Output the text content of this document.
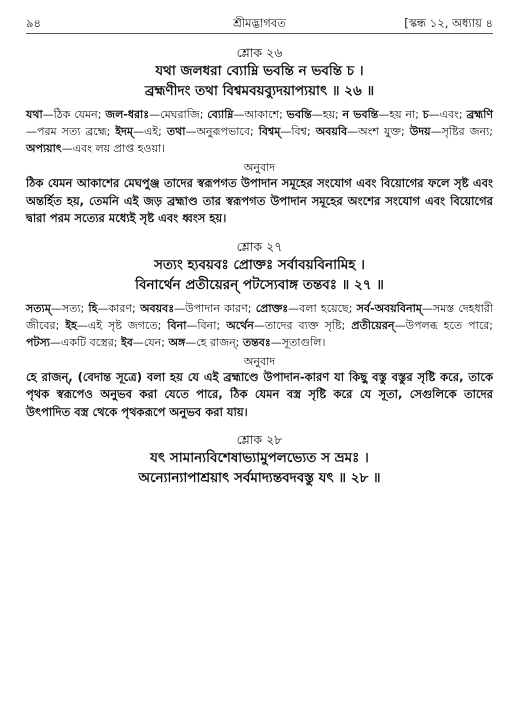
৯৪	শ্রীমদ্ভাগবত	[স্কন্ধ ১২, অধ্যায় ৪
শ্লোক ২৬
যথা জলধরা ব্যোম্নি ভবন্তি ন ভবন্তি চ ।
ব্রহ্মণীদং তথা বিশ্বমবয়ব্যুদয়াপ্যয়াৎ ॥ ২৬ ॥
যথা—ঠিক যেমন; জল-ধরাঃ—মেঘরাজি; ব্যোম্নি—আকাশে; ভবন্তি—হয়; ন ভবন্তি—হয় না; চ—এবং; ব্রহ্মণি—পরম সত্য ব্রহ্মে; ইদম্—এই; তথা—অনুরূপভাবে; বিশ্বম্—বিশ্ব; অবয়বি—অংশ যুক্ত; উদয়—সৃষ্টির জন্য; অপ্যয়াৎ—এবং লয় প্রাপ্ত হওয়া।
অনুবাদ
ঠিক যেমন আকাশের মেঘপুঞ্জ তাদের স্বরূপগত উপাদান সমূহের সংযোগ এবং বিয়োগের ফলে সৃষ্ট এবং অন্তর্হিত হয়, তেমনি এই জড় ব্রহ্মাণ্ড তার স্বরূপগত উপাদান সমূহের অংশের সংযোগ এবং বিয়োগের দ্বারা পরম সত্যের মধ্যেই সৃষ্ট এবং ধ্বংস হয়।
শ্লোক ২৭
সত্যং হ্যবয়বঃ প্রোক্তঃ সর্বাবয়বিনামিহ ।
বিনার্থেন প্রতীয়েরন্ পটস্যেবাঙ্গ তন্তবঃ ॥ ২৭ ॥
সত্যম্—সত্য; হি—কারণ; অবয়বঃ—উপাদান কারণ; প্রোক্তঃ—বলা হয়েছে; সর্ব-অবয়বিনাম্—সমস্ত দেহধারী জীবের; ইহ—এই সৃষ্ট জগতে; বিনা—বিনা; অর্থেন—তাদের ব্যক্ত সৃষ্টি; প্রতীয়েরন্—উপলব্ধ হতে পারে; পটস্য—একটি বস্ত্রের; ইব—যেন; অঙ্গ—হে রাজন্; তন্তবঃ—সূতাগুলি।
অনুবাদ
হে রাজন্, (বেদান্ত সূত্রে) বলা হয় যে এই ব্রহ্মাণ্ডে উপাদান-কারণ যা কিছু বস্তু বস্তুর সৃষ্টি করে, তাকে পৃথক স্বরূপেও অনুভব করা যেতে পারে, ঠিক যেমন বস্ত্র সৃষ্টি করে যে সূতা, সেগুলিকে তাদের উৎপাদিত বস্ত্র থেকে পৃথকরূপে অনুভব করা যায়।
শ্লোক ২৮
যৎ সামান্যবিশেষাভ্যামুপলভ্যেত স ভ্রমঃ ।
অন্যোন্যাপাশ্রয়াৎ সর্বমাদ্যন্তবদবস্তু যৎ ॥ ২৮ ॥
